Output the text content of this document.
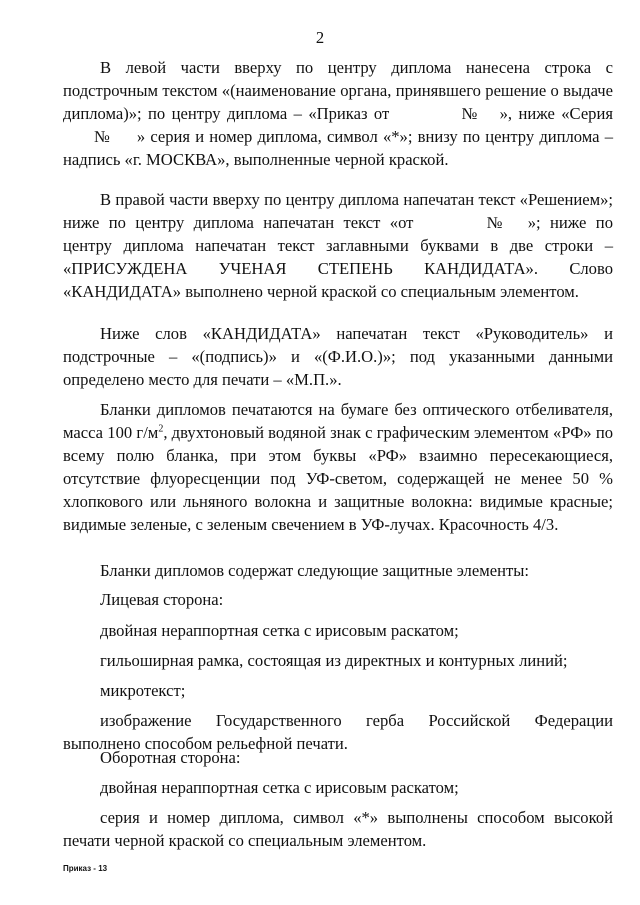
2

В левой части вверху по центру диплома нанесена строка с подстрочным текстом «(наименование органа, принявшего решение о выдаче диплома)»; по центру диплома – «Приказ от	№ », ниже «Серия№ » серия и номер диплома, символ «*»; внизу по центру диплома – надпись «г. МОСКВА», выполненные черной краской.

В правой части вверху по центру диплома напечатан текст «Решением»; ниже по центру диплома напечатан текст «от	№ »; ниже по центру диплома напечатан текст заглавными буквами в две строки – «ПРИСУЖДЕНА УЧЕНАЯ СТЕПЕНЬ КАНДИДАТА». Слово «КАНДИДАТА» выполнено черной краской со специальным элементом.

Ниже слов «КАНДИДАТА» напечатан текст «Руководитель» и подстрочные – «(подпись)» и «(Ф.И.О.)»; под указанными данными определено место для печати – «М.П.».

Бланки дипломов печатаются на бумаге без оптического отбеливателя, масса 100 $г/м^2$, двухтоновый водяной знак с графическим элементом «РФ» по всему полю бланка, при этом буквы «РФ» взаимно пересекающиеся, отсутствие флуоресценции под УФ-светом, содержащей не менее 50 % хлопкового или льняного волокна и защитные волокна: видимые красные; видимые зеленые, с зеленым свечением в УФ-лучах. Красочность 4/3.

Бланки дипломов содержат следующие защитные элементы:

Лицевая сторона:

двойная нераппортная сетка с ирисовым раскатом;

гильоширная рамка, состоящая из директных и контурных линий;

микротекст;

изображение Государственного герба Российской Федерации выполнено способом рельефной печати.

Оборотная сторона:

двойная нераппортная сетка с ирисовым раскатом;

серия и номер диплома, символ «*» выполнены способом высокой печати черной краской со специальным элементом.

Приказ - 13
